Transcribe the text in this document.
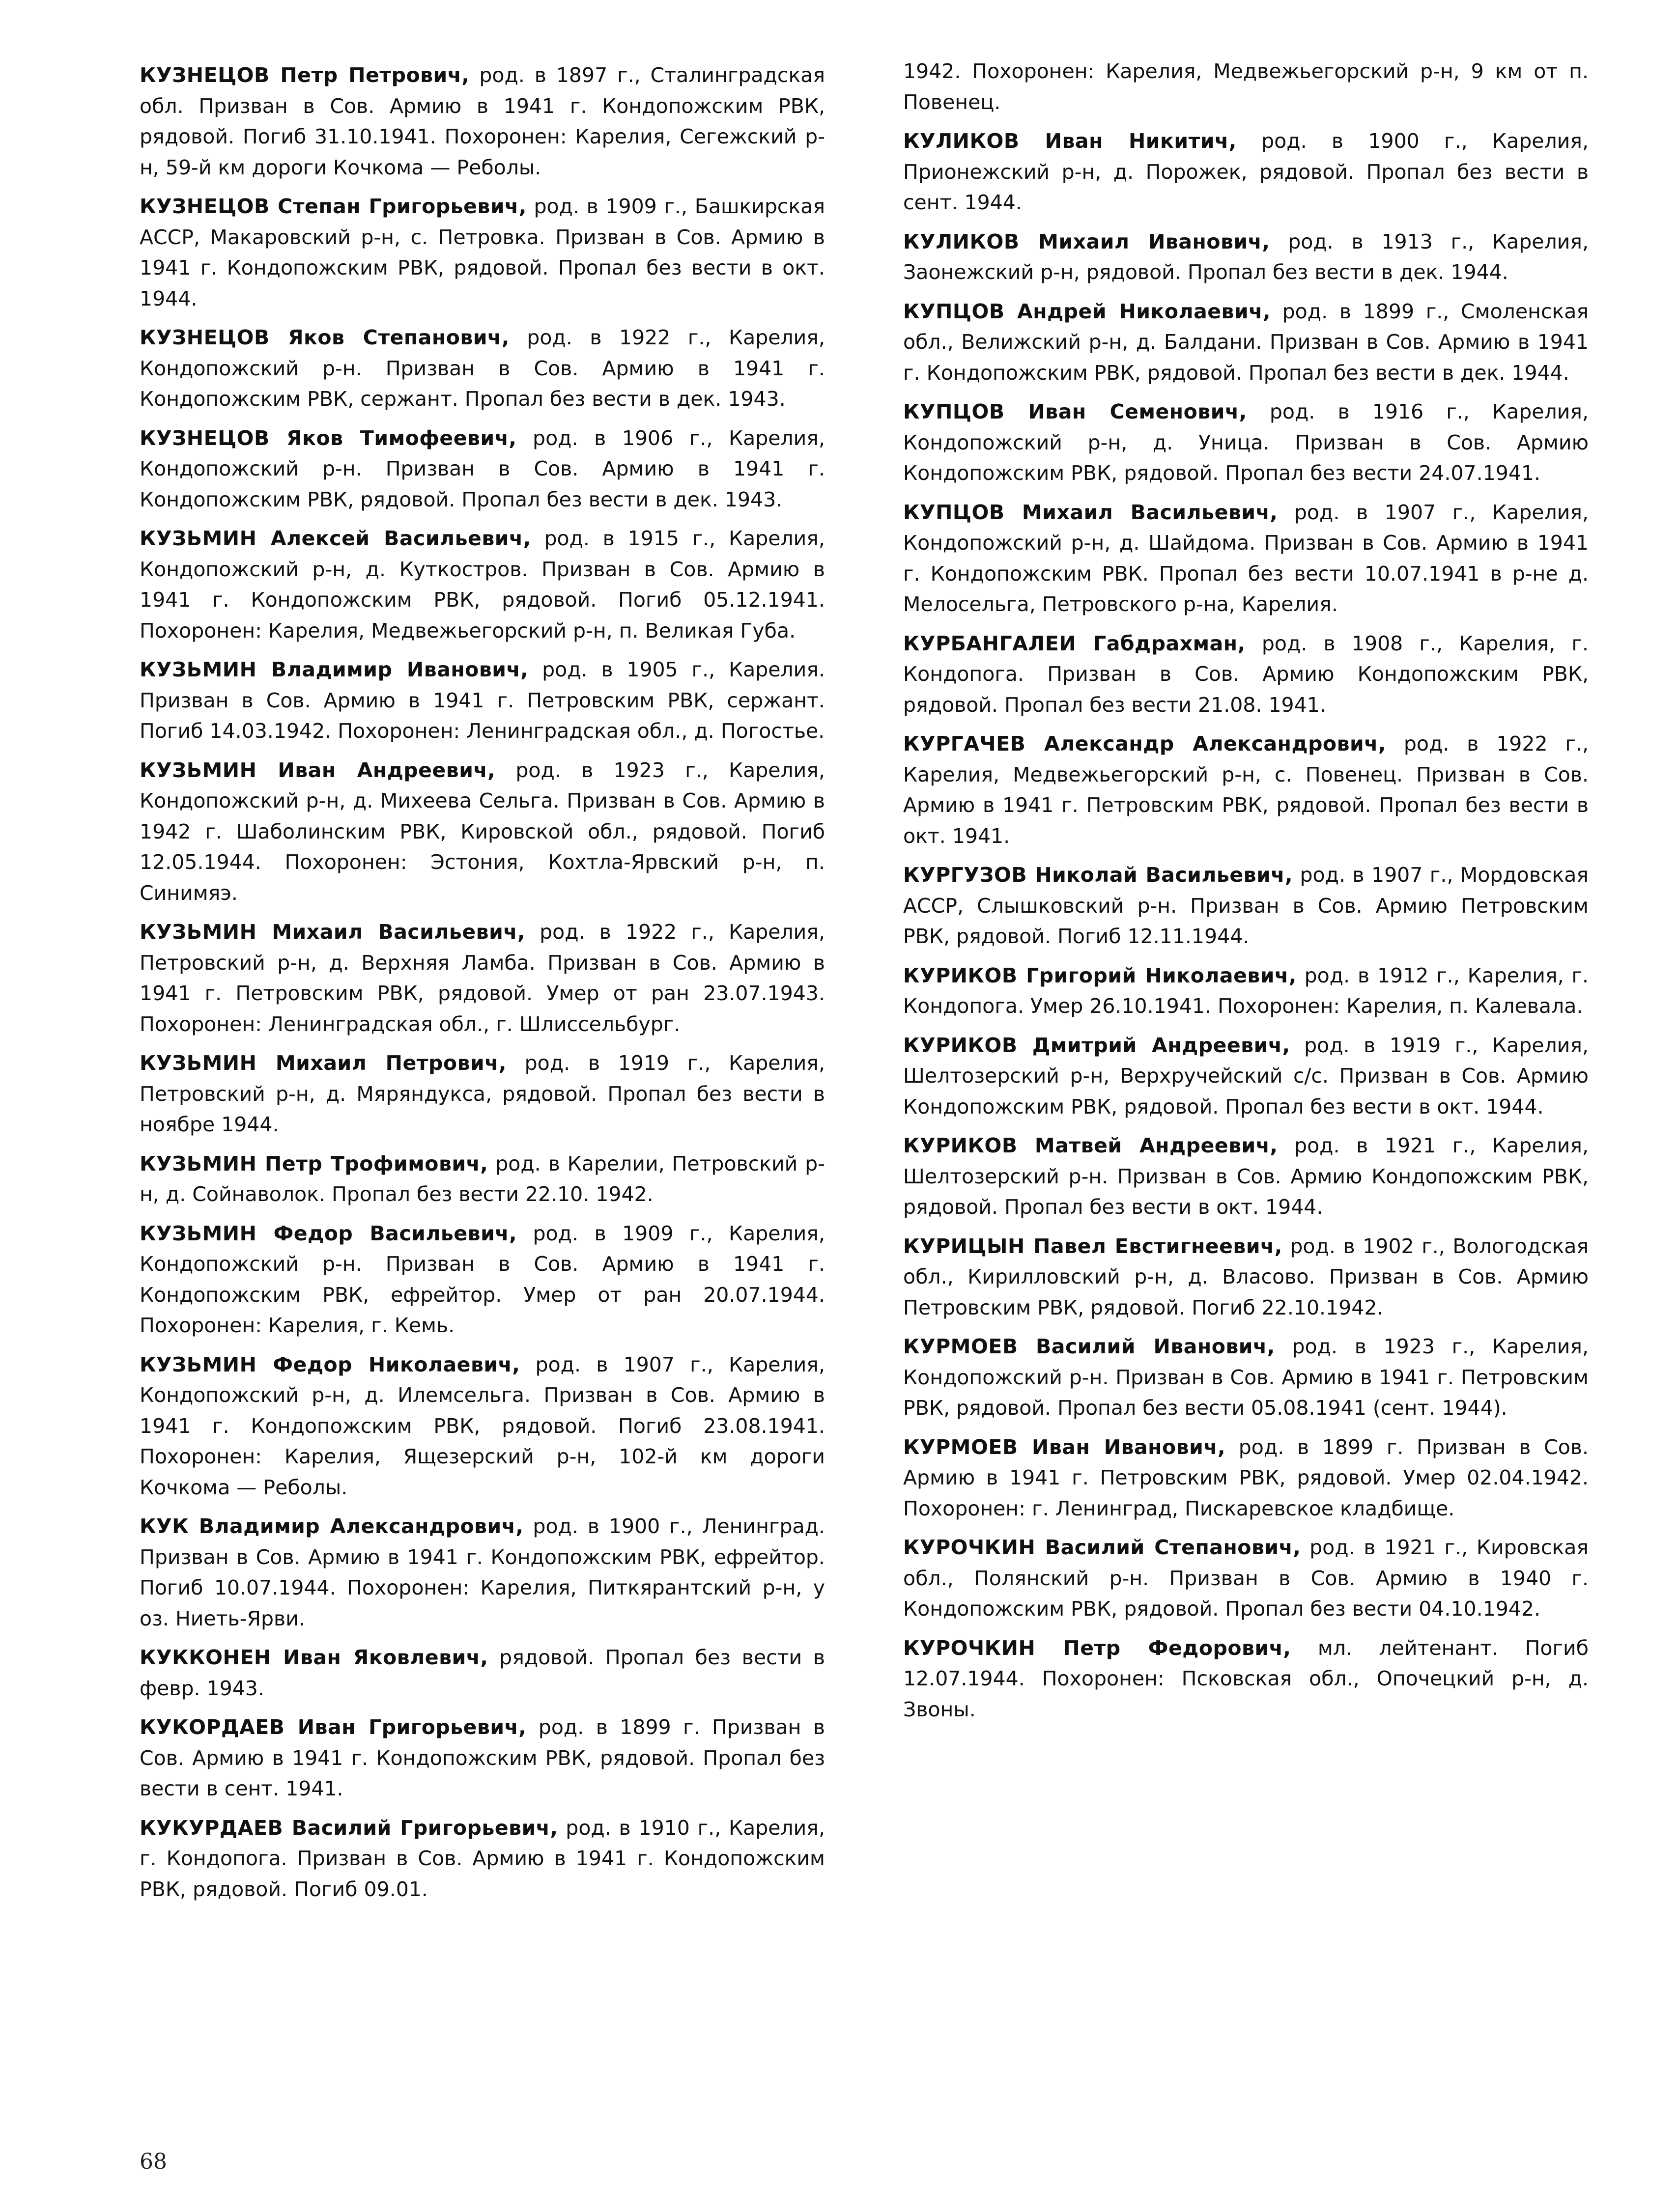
КУЗНЕЦОВ Петр Петрович, род. в 1897 г., Сталинградская обл. Призван в Сов. Армию в 1941 г. Кондопожским РВК, рядовой. Погиб 31.10.1941. Похоронен: Карелия, Сегежский р-н, 59-й км дороги Кочкома — Реболы.

КУЗНЕЦОВ Степан Григорьевич, род. в 1909 г., Башкирская АССР, Макаровский р-н, с. Петровка. Призван в Сов. Армию в 1941 г. Кондопожским РВК, рядовой. Пропал без вести в окт. 1944.

КУЗНЕЦОВ Яков Степанович, род. в 1922 г., Карелия, Кондопожский р-н. Призван в Сов. Армию в 1941 г. Кондопожским РВК, сержант. Пропал без вести в дек. 1943.

КУЗНЕЦОВ Яков Тимофеевич, род. в 1906 г., Карелия, Кондопожский р-н. Призван в Сов. Армию в 1941 г. Кондопожским РВК, рядовой. Пропал без вести в дек. 1943.

КУЗЬМИН Алексей Васильевич, род. в 1915 г., Карелия, Кондопожский р-н, д. Куткостров. Призван в Сов. Армию в 1941 г. Кондопожским РВК, рядовой. Погиб 05.12.1941. Похоронен: Карелия, Медвежьегорский р-н, п. Великая Губа.

КУЗЬМИН Владимир Иванович, род. в 1905 г., Карелия. Призван в Сов. Армию в 1941 г. Петровским РВК, сержант. Погиб 14.03.1942. Похоронен: Ленинградская обл., д. Погостье.

КУЗЬМИН Иван Андреевич, род. в 1923 г., Карелия, Кондопожский р-н, д. Михеева Сельга. Призван в Сов. Армию в 1942 г. Шаболинским РВК, Кировской обл., рядовой. Погиб 12.05.1944. Похоронен: Эстония, Кохтла-Ярвский р-н, п. Синимяэ.

КУЗЬМИН Михаил Васильевич, род. в 1922 г., Карелия, Петровский р-н, д. Верхняя Ламба. Призван в Сов. Армию в 1941 г. Петровским РВК, рядовой. Умер от ран 23.07.1943. Похоронен: Ленинградская обл., г. Шлиссельбург.

КУЗЬМИН Михаил Петрович, род. в 1919 г., Карелия, Петровский р-н, д. Мяряндукса, рядовой. Пропал без вести в ноябре 1944.

КУЗЬМИН Петр Трофимович, род. в Карелии, Петровский р-н, д. Сойнаволок. Пропал без вести 22.10. 1942.

КУЗЬМИН Федор Васильевич, род. в 1909 г., Карелия, Кондопожский р-н. Призван в Сов. Армию в 1941 г. Кондопожским РВК, ефрейтор. Умер от ран 20.07.1944. Похоронен: Карелия, г. Кемь.

КУЗЬМИН Федор Николаевич, род. в 1907 г., Карелия, Кондопожский р-н, д. Илемсельга. Призван в Сов. Армию в 1941 г. Кондопожским РВК, рядовой. Погиб 23.08.1941. Похоронен: Карелия, Ящезерский р-н, 102-й км дороги Кочкома — Реболы.

КУК Владимир Александрович, род. в 1900 г., Ленинград. Призван в Сов. Армию в 1941 г. Кондопожским РВК, ефрейтор. Погиб 10.07.1944. Похоронен: Карелия, Питкярантский р-н, у оз. Ниеть-Ярви.

КУККОНЕН Иван Яковлевич, рядовой. Пропал без вести в февр. 1943.

КУКОРДАЕВ Иван Григорьевич, род. в 1899 г. Призван в Сов. Армию в 1941 г. Кондопожским РВК, рядовой. Пропал без вести в сент. 1941.

КУКУРДАЕВ Василий Григорьевич, род. в 1910 г., Карелия, г. Кондопога. Призван в Сов. Армию в 1941 г. Кондопожским РВК, рядовой. Погиб 09.01.

1942. Похоронен: Карелия, Медвежьегорский р-н, 9 км от п. Повенец.

КУЛИКОВ Иван Никитич, род. в 1900 г., Карелия, Прионежский р-н, д. Порожек, рядовой. Пропал без вести в сент. 1944.

КУЛИКОВ Михаил Иванович, род. в 1913 г., Карелия, Заонежский р-н, рядовой. Пропал без вести в дек. 1944.

КУПЦОВ Андрей Николаевич, род. в 1899 г., Смоленская обл., Велижский р-н, д. Балдани. Призван в Сов. Армию в 1941 г. Кондопожским РВК, рядовой. Пропал без вести в дек. 1944.

КУПЦОВ Иван Семенович, род. в 1916 г., Карелия, Кондопожский р-н, д. Уница. Призван в Сов. Армию Кондопожским РВК, рядовой. Пропал без вести 24.07.1941.

КУПЦОВ Михаил Васильевич, род. в 1907 г., Карелия, Кондопожский р-н, д. Шайдома. Призван в Сов. Армию в 1941 г. Кондопожским РВК. Пропал без вести 10.07.1941 в р-не д. Мелосельга, Петровского р-на, Карелия.

КУРБАНГАЛЕИ Габдрахман, род. в 1908 г., Карелия, г. Кондопога. Призван в Сов. Армию Кондопожским РВК, рядовой. Пропал без вести 21.08. 1941.

КУРГАЧЕВ Александр Александрович, род. в 1922 г., Карелия, Медвежьегорский р-н, с. Повенец. Призван в Сов. Армию в 1941 г. Петровским РВК, рядовой. Пропал без вести в окт. 1941.

КУРГУЗОВ Николай Васильевич, род. в 1907 г., Мордовская АССР, Слышковский р-н. Призван в Сов. Армию Петровским РВК, рядовой. Погиб 12.11.1944.

КУРИКОВ Григорий Николаевич, род. в 1912 г., Карелия, г. Кондопога. Умер 26.10.1941. Похоронен: Карелия, п. Калевала.

КУРИКОВ Дмитрий Андреевич, род. в 1919 г., Карелия, Шелтозерский р-н, Верхручейский с/с. Призван в Сов. Армию Кондопожским РВК, рядовой. Пропал без вести в окт. 1944.

КУРИКОВ Матвей Андреевич, род. в 1921 г., Карелия, Шелтозерский р-н. Призван в Сов. Армию Кондопожским РВК, рядовой. Пропал без вести в окт. 1944.

КУРИЦЫН Павел Евстигнеевич, род. в 1902 г., Вологодская обл., Кирилловский р-н, д. Власово. Призван в Сов. Армию Петровским РВК, рядовой. Погиб 22.10.1942.

КУРМОЕВ Василий Иванович, род. в 1923 г., Карелия, Кондопожский р-н. Призван в Сов. Армию в 1941 г. Петровским РВК, рядовой. Пропал без вести 05.08.1941 (сент. 1944).

КУРМОЕВ Иван Иванович, род. в 1899 г. Призван в Сов. Армию в 1941 г. Петровским РВК, рядовой. Умер 02.04.1942. Похоронен: г. Ленинград, Пискаревское кладбище.

КУРОЧКИН Василий Степанович, род. в 1921 г., Кировская обл., Полянский р-н. Призван в Сов. Армию в 1940 г. Кондопожским РВК, рядовой. Пропал без вести 04.10.1942.

КУРОЧКИН Петр Федорович, мл. лейтенант. Погиб 12.07.1944. Похоронен: Псковская обл., Опочецкий р-н, д. Звоны.

68
